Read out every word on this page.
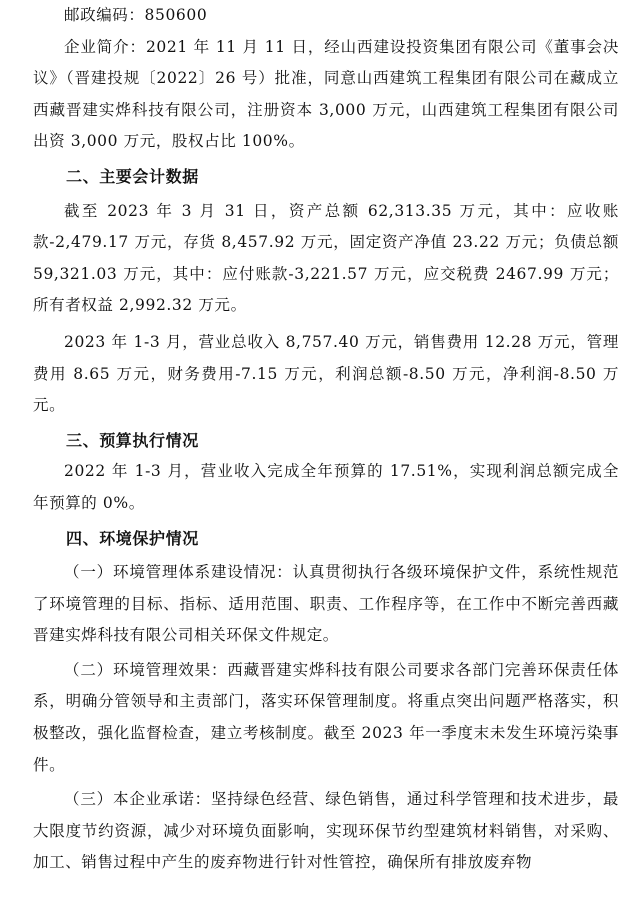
邮政编码：850600

企业简介：2021 年 11 月 11 日，经山西建设投资集团有限公司《董事会决议》（晋建投规〔2022〕26 号）批准，同意山西建筑工程集团有限公司在藏成立西藏晋建实烨科技有限公司，注册资本 3,000 万元，山西建筑工程集团有限公司出资 3,000 万元，股权占比 100%。

二、主要会计数据

截至 2023 年 3 月 31 日，资产总额 62,313.35 万元，其中：应收账款-2,479.17 万元，存货 8,457.92 万元，固定资产净值 23.22 万元；负债总额 59,321.03 万元，其中：应付账款-3,221.57 万元，应交税费 2467.99 万元；所有者权益 2,992.32 万元。

2023 年 1-3 月，营业总收入 8,757.40 万元，销售费用 12.28 万元，管理费用 8.65 万元，财务费用-7.15 万元，利润总额-8.50 万元，净利润-8.50 万元。

三、预算执行情况

2022 年 1-3 月，营业收入完成全年预算的 17.51%，实现利润总额完成全年预算的 0%。

四、环境保护情况

（一）环境管理体系建设情况：认真贯彻执行各级环境保护文件，系统性规范了环境管理的目标、指标、适用范围、职责、工作程序等，在工作中不断完善西藏晋建实烨科技有限公司相关环保文件规定。

（二）环境管理效果：西藏晋建实烨科技有限公司要求各部门完善环保责任体系，明确分管领导和主责部门，落实环保管理制度。将重点突出问题严格落实，积极整改，强化监督检查，建立考核制度。截至 2023 年一季度末未发生环境污染事件。

（三）本企业承诺：坚持绿色经营、绿色销售，通过科学管理和技术进步，最大限度节约资源，减少对环境负面影响，实现环保节约型建筑材料销售，对采购、加工、销售过程中产生的废弃物进行针对性管控，确保所有排放废弃物
